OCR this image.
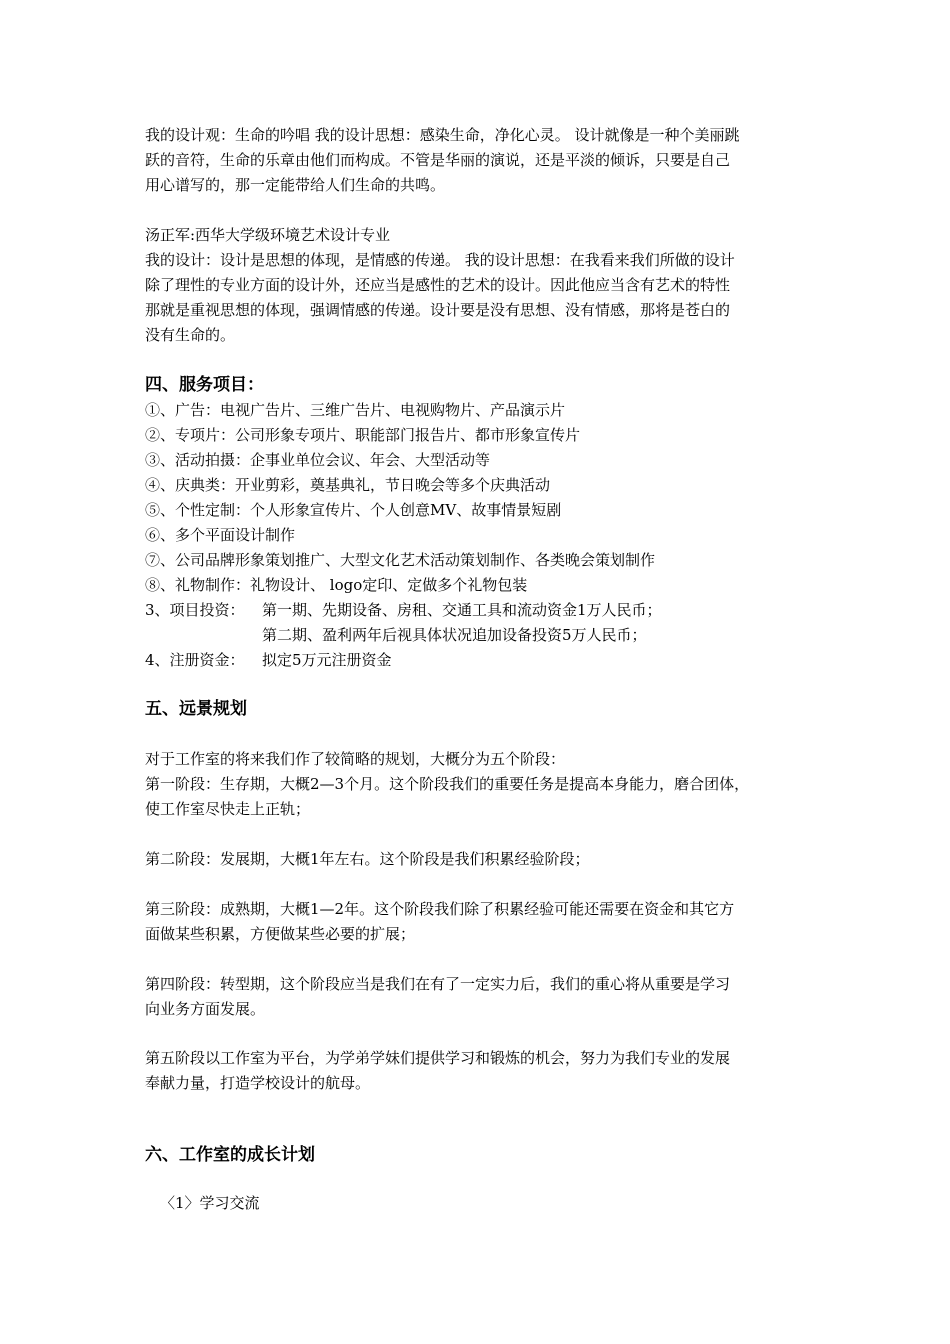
我的设计观：生命的吟唱 我的设计思想：感染生命，净化心灵。 设计就像是一种个美丽跳

跃的音符，生命的乐章由他们而构成。不管是华丽的演说，还是平淡的倾诉，只要是自己

用心谱写的，那一定能带给人们生命的共鸣。

汤正军:西华大学级环境艺术设计专业

我的设计：设计是思想的体现，是情感的传递。 我的设计思想：在我看来我们所做的设计

除了理性的专业方面的设计外，还应当是感性的艺术的设计。因此他应当含有艺术的特性

那就是重视思想的体现，强调情感的传递。设计要是没有思想、没有情感，那将是苍白的

没有生命的。

四、服务项目：

①、广告：电视广告片、三维广告片、电视购物片、产品演示片

②、专项片：公司形象专项片、职能部门报告片、都市形象宣传片

③、活动拍摄：企事业单位会议、年会、大型活动等

④、庆典类：开业剪彩，奠基典礼，节日晚会等多个庆典活动

⑤、个性定制：个人形象宣传片、个人创意MV、故事情景短剧

⑥、多个平面设计制作

⑦、公司品牌形象策划推广、大型文化艺术活动策划制作、各类晚会策划制作

⑧、礼物制作：礼物设计、 logo定印、定做多个礼物包装

3、项目投资： 第一期、先期设备、房租、交通工具和流动资金1万人民币；

第二期、盈利两年后视具体状况追加设备投资5万人民币；

4、注册资金： 拟定5万元注册资金

五、远景规划

对于工作室的将来我们作了较简略的规划，大概分为五个阶段：

第一阶段：生存期，大概2—3个月。这个阶段我们的重要任务是提高本身能力，磨合团体，

使工作室尽快走上正轨；

第二阶段：发展期，大概1年左右。这个阶段是我们积累经验阶段；

第三阶段：成熟期，大概1—2年。这个阶段我们除了积累经验可能还需要在资金和其它方

面做某些积累，方便做某些必要的扩展；

第四阶段：转型期，这个阶段应当是我们在有了一定实力后，我们的重心将从重要是学习

向业务方面发展。

第五阶段以工作室为平台，为学弟学妹们提供学习和锻炼的机会，努力为我们专业的发展

奉献力量，打造学校设计的航母。

六、工作室的成长计划

〈1〉学习交流
